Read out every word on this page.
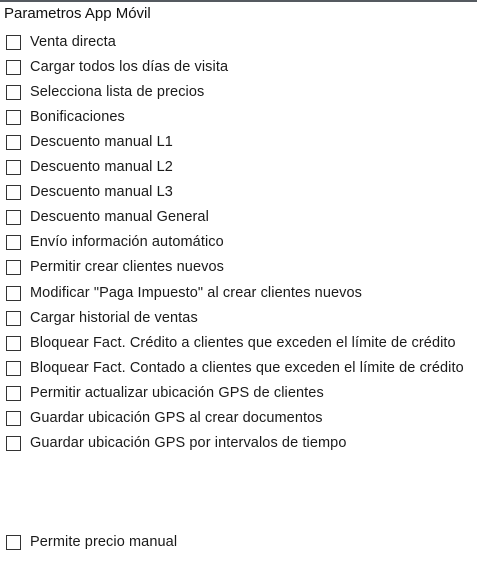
Parametros App Móvil
Venta directa
Cargar todos los días de visita
Selecciona lista de precios
Bonificaciones
Descuento manual L1
Descuento manual L2
Descuento manual L3
Descuento manual General
Envío información automático
Permitir crear clientes nuevos
Modificar "Paga Impuesto" al crear clientes nuevos
Cargar historial de ventas
Bloquear Fact. Crédito a clientes que exceden el límite de crédito
Bloquear Fact. Contado a clientes que exceden el límite de crédito
Permitir actualizar ubicación GPS de clientes
Guardar ubicación GPS al crear documentos
Guardar ubicación GPS por intervalos de tiempo
Permite precio manual
